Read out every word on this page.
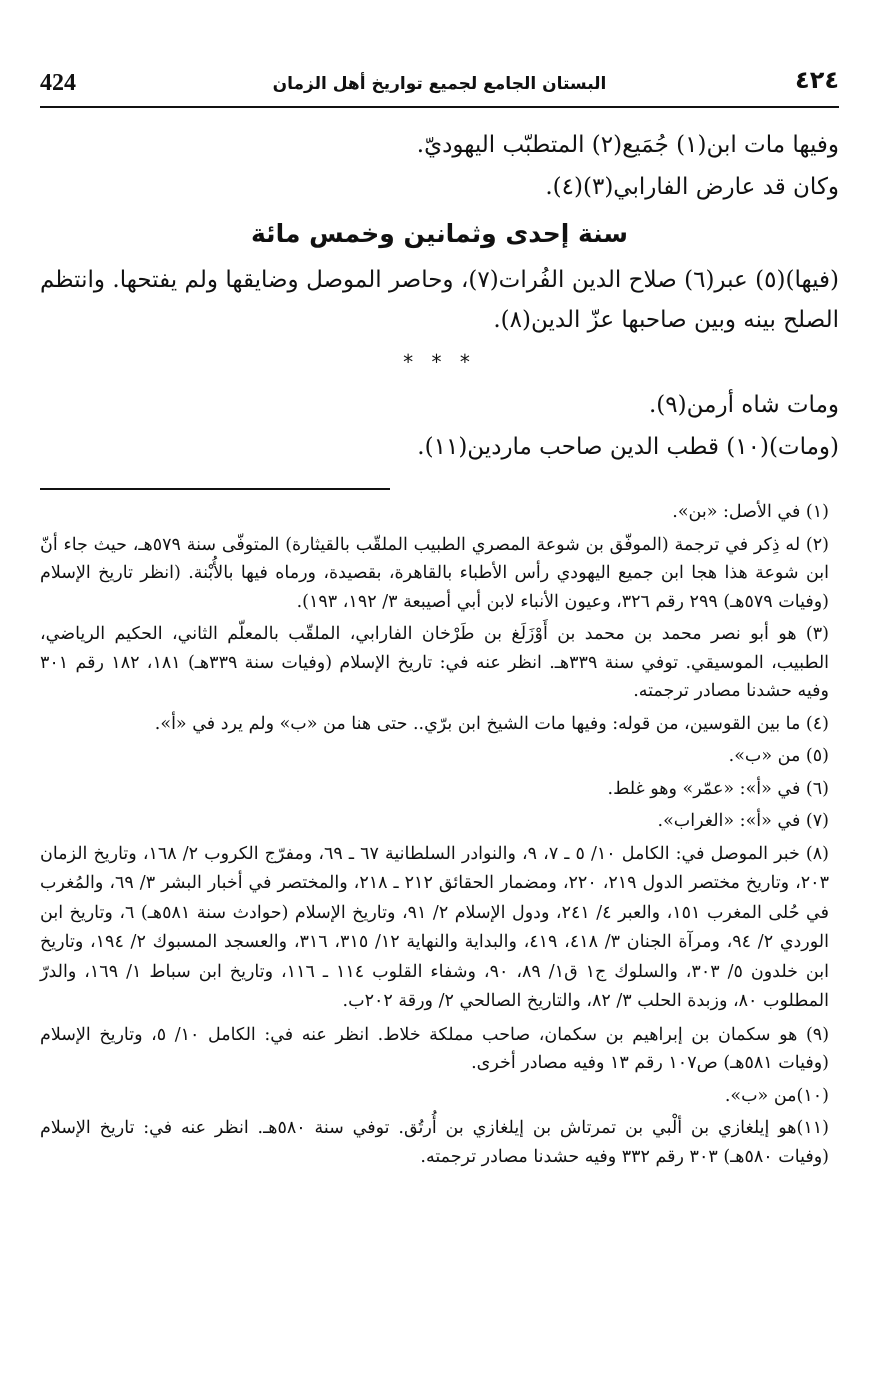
424	البستان الجامع لجميع تواريخ أهل الزمان	٤٢٤
وفيها مات ابن(١) جُمَيع(٢) المتطبّب اليهوديّ.
وكان قد عارض الفارابي(٣)(٤).
سنة إحدى وثمانين وخمس مائة
(فيها)(٥) عبر(٦) صلاح الدين الفُرات(٧)، وحاصر الموصل وضايقها ولم يفتحها. وانتظم الصلح بينه وبين صاحبها عزّ الدين(٨).
* * *
ومات شاه أرمن(٩).
(ومات)(١٠) قطب الدين صاحب ماردين(١١).

(١) في الأصل: «بن».

(٢) له ذِكر في ترجمة (الموفّق بن شوعة المصري الطبيب الملقّب بالقيثارة) المتوفّى سنة ٥٧٩هـ، حيث جاء أنّ ابن شوعة هذا هجا ابن جميع اليهودي رأس الأطباء بالقاهرة، بقصيدة، ورماه فيها بالأُبْنة. (انظر تاريخ الإسلام (وفيات ٥٧٩هـ) ٢٩٩ رقم ٣٢٦، وعيون الأنباء لابن أبي أصيبعة ٣/ ١٩٢، ١٩٣).

(٣) هو أبو نصر محمد بن محمد بن أَوْزَلَغ بن طَرْخان الفارابي، الملقّب بالمعلّم الثاني، الحكيم الرياضي، الطبيب، الموسيقي. توفي سنة ٣٣٩هـ. انظر عنه في: تاريخ الإسلام (وفيات سنة ٣٣٩هـ) ١٨١، ١٨٢ رقم ٣٠١ وفيه حشدنا مصادر ترجمته.

(٤) ما بين القوسين، من قوله: وفيها مات الشيخ ابن برّي.. حتى هنا من «ب» ولم يرد في «أ».

(٥) من «ب».

(٦) في «أ»: «عمّر» وهو غلط.

(٧) في «أ»: «الغراب».

(٨) خبر الموصل في: الكامل ١٠/ ٥ ـ ٧، ٩، والنوادر السلطانية ٦٧ ـ ٦٩، ومفرّج الكروب ٢/ ١٦٨، وتاريخ الزمان ٢٠٣، وتاريخ مختصر الدول ٢١٩، ٢٢٠، ومضمار الحقائق ٢١٢ ـ ٢١٨، والمختصر في أخبار البشر ٣/ ٦٩، والمُغرب في حُلى المغرب ١٥١، والعبر ٤/ ٢٤١، ودول الإسلام ٢/ ٩١، وتاريخ الإسلام (حوادث سنة ٥٨١هـ) ٦، وتاريخ ابن الوردي ٢/ ٩٤، ومرآة الجنان ٣/ ٤١٨، ٤١٩، والبداية والنهاية ١٢/ ٣١٥، ٣١٦، والعسجد المسبوك ٢/ ١٩٤، وتاريخ ابن خلدون ٥/ ٣٠٣، والسلوك ج١ ق١/ ٨٩، ٩٠، وشفاء القلوب ١١٤ ـ ١١٦، وتاريخ ابن سباط ١/ ١٦٩، والدرّ المطلوب ٨٠، وزبدة الحلب ٣/ ٨٢، والتاريخ الصالحي ٢/ ورقة ٢٠٢ب.

(٩) هو سكمان بن إبراهيم بن سكمان، صاحب مملكة خلاط. انظر عنه في: الكامل ١٠/ ٥، وتاريخ الإسلام (وفيات ٥٨١هـ) ص١٠٧ رقم ١٣ وفيه مصادر أخرى.

(١٠)من «ب».

(١١)هو إيلغازي بن ألْبي بن تمرتاش بن إيلغازي بن أُرتُق. توفي سنة ٥٨٠هـ. انظر عنه في: تاريخ الإسلام (وفيات ٥٨٠هـ) ٣٠٣ رقم ٣٣٢ وفيه حشدنا مصادر ترجمته.
